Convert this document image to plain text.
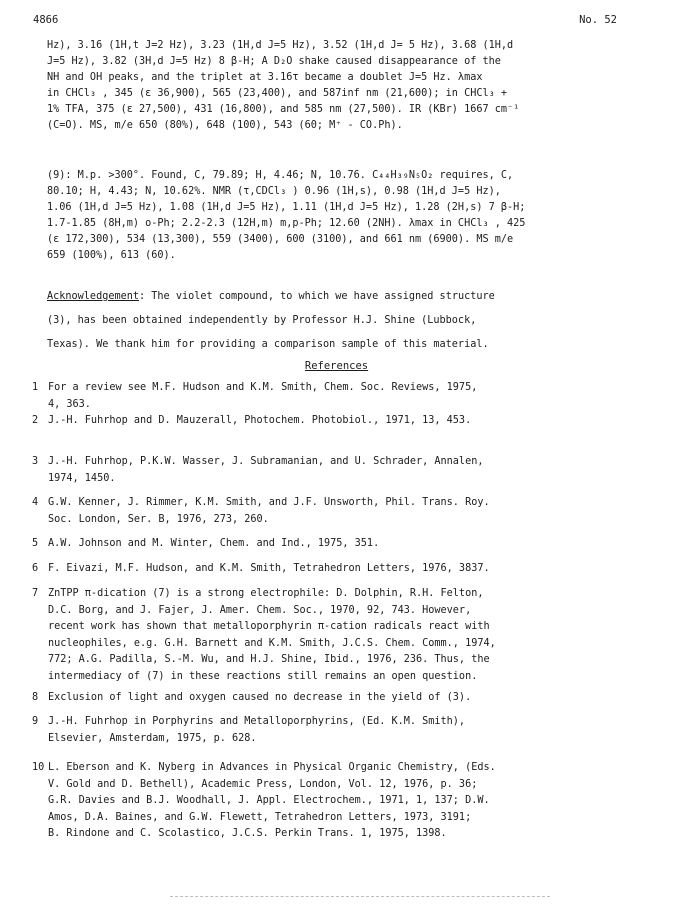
4866	No. 52
Hz), 3.16 (1H,t J=2 Hz), 3.23 (1H,d J=5 Hz), 3.52 (1H,d J= 5 Hz), 3.68 (1H,d
J=5 Hz), 3.82 (3H,d J=5 Hz) 8 β-H; A D₂O shake caused disappearance of the
NH and OH peaks, and the triplet at 3.16τ became a doublet J=5 Hz. λmax
in CHCl₃ , 345 (ε 36,900), 565 (23,400), and 587inf nm (21,600); in CHCl₃ +
1% TFA, 375 (ε 27,500), 431 (16,800), and 585 nm (27,500). IR (KBr) 1667 cm⁻¹
(C=O). MS, m/e 650 (80%), 648 (100), 543 (60; M⁺ - CO.Ph).
(9): M.p. >300°. Found, C, 79.89; H, 4.46; N, 10.76. C₄₄H₃₉N₅O₂ requires, C,
80.10; H, 4.43; N, 10.62%. NMR (τ,CDCl₃ ) 0.96 (1H,s), 0.98 (1H,d J=5 Hz),
1.06 (1H,d J=5 Hz), 1.08 (1H,d J=5 Hz), 1.11 (1H,d J=5 Hz), 1.28 (2H,s) 7 β-H;
1.7-1.85 (8H,m) o-Ph; 2.2-2.3 (12H,m) m,p-Ph; 12.60 (2NH). λmax in CHCl₃ , 425
(ε 172,300), 534 (13,300), 559 (3400), 600 (3100), and 661 nm (6900). MS m/e
659 (100%), 613 (60).
Acknowledgement: The violet compound, to which we have assigned structure
(3), has been obtained independently by Professor H.J. Shine (Lubbock,
Texas). We thank him for providing a comparison sample of this material.
References
1 For a review see M.F. Hudson and K.M. Smith, Chem. Soc. Reviews, 1975,
4, 363.
2 J.-H. Fuhrhop and D. Mauzerall, Photochem. Photobiol., 1971, 13, 453.
3 J.-H. Fuhrhop, P.K.W. Wasser, J. Subramanian, and U. Schrader, Annalen,
1974, 1450.
4 G.W. Kenner, J. Rimmer, K.M. Smith, and J.F. Unsworth, Phil. Trans. Roy.
Soc. London, Ser. B, 1976, 273, 260.
5 A.W. Johnson and M. Winter, Chem. and Ind., 1975, 351.
6 F. Eivazi, M.F. Hudson, and K.M. Smith, Tetrahedron Letters, 1976, 3837.
7 ZnTPP π-dication (7) is a strong electrophile: D. Dolphin, R.H. Felton,
D.C. Borg, and J. Fajer, J. Amer. Chem. Soc., 1970, 92, 743. However,
recent work has shown that metalloporphyrin π-cation radicals react with
nucleophiles, e.g. G.H. Barnett and K.M. Smith, J.C.S. Chem. Comm., 1974,
772; A.G. Padilla, S.-M. Wu, and H.J. Shine, Ibid., 1976, 236. Thus, the
intermediacy of (7) in these reactions still remains an open question.
8 Exclusion of light and oxygen caused no decrease in the yield of (3).
9 J.-H. Fuhrhop in Porphyrins and Metalloporphyrins, (Ed. K.M. Smith),
Elsevier, Amsterdam, 1975, p. 628.
10 L. Eberson and K. Nyberg in Advances in Physical Organic Chemistry, (Eds.
V. Gold and D. Bethell), Academic Press, London, Vol. 12, 1976, p. 36;
G.R. Davies and B.J. Woodhall, J. Appl. Electrochem., 1971, 1, 137; D.W.
Amos, D.A. Baines, and G.W. Flewett, Tetrahedron Letters, 1973, 3191;
B. Rindone and C. Scolastico, J.C.S. Perkin Trans. 1, 1975, 1398.
